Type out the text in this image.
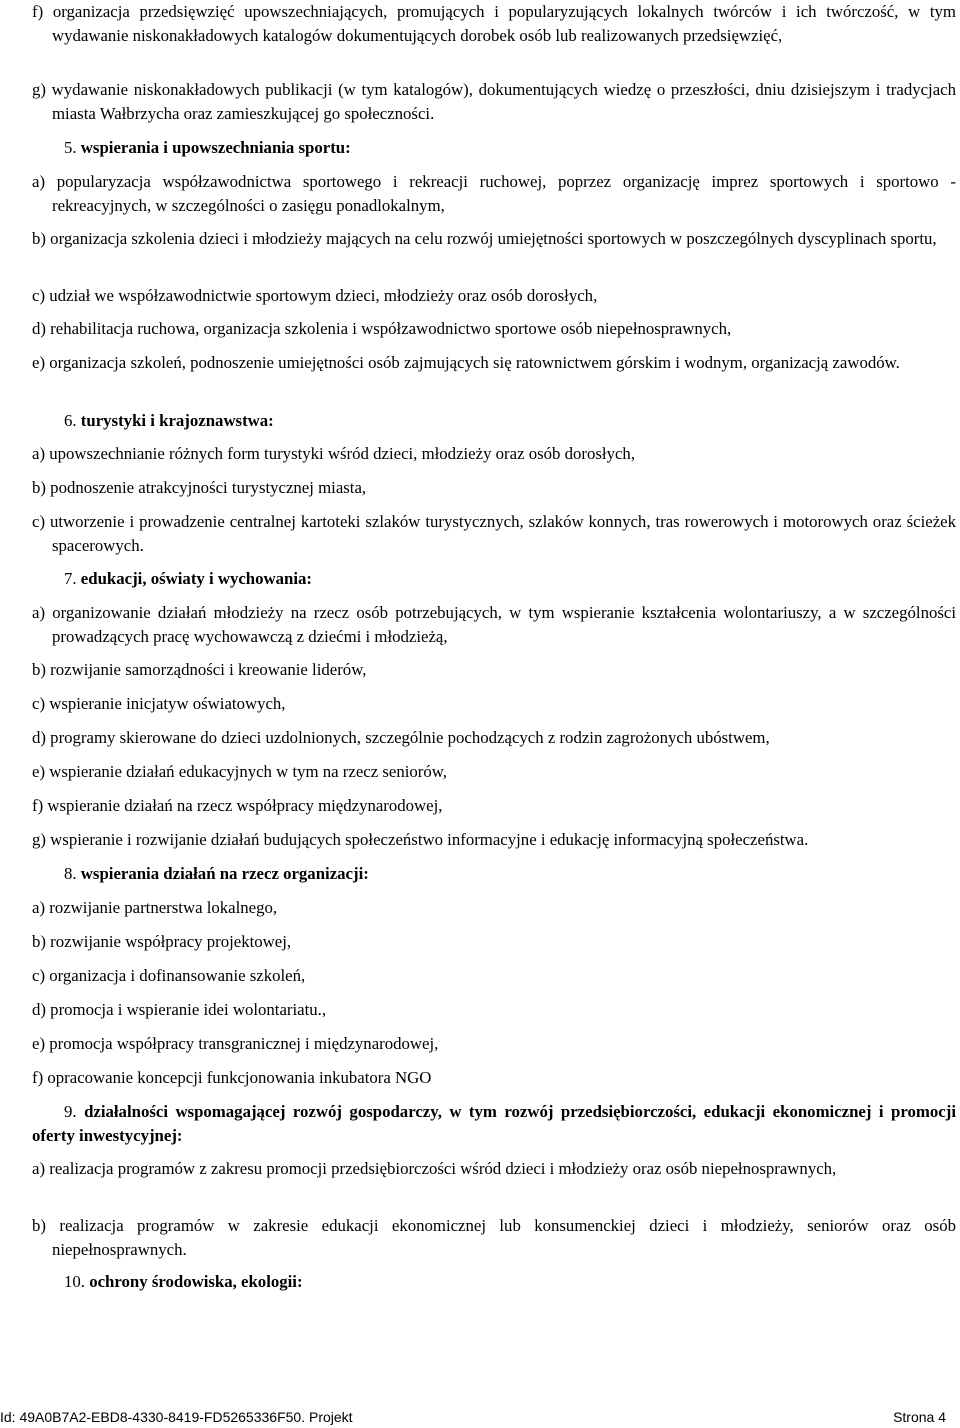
f) organizacja przedsięwzięć upowszechniających, promujących i popularyzujących lokalnych twórców i ich twórczość, w tym wydawanie niskonakładowych katalogów dokumentujących dorobek osób lub realizowanych przedsięwzięć,

g) wydawanie niskonakładowych publikacji (w tym katalogów), dokumentujących wiedzę o przeszłości, dniu dzisiejszym i tradycjach miasta Wałbrzycha oraz zamieszkującej go społeczności.

5. wspierania i upowszechniania sportu:

a) popularyzacja współzawodnictwa sportowego i rekreacji ruchowej, poprzez organizację imprez sportowych i sportowo - rekreacyjnych, w szczególności o zasięgu ponadlokalnym,

b) organizacja szkolenia dzieci i młodzieży mających na celu rozwój umiejętności sportowych w poszczególnych dyscyplinach sportu,

c) udział we współzawodnictwie sportowym dzieci, młodzieży oraz osób dorosłych,

d) rehabilitacja ruchowa, organizacja szkolenia i współzawodnictwo sportowe osób niepełnosprawnych,

e) organizacja szkoleń, podnoszenie umiejętności osób zajmujących się ratownictwem górskim i wodnym, organizacją zawodów.

6. turystyki i krajoznawstwa:

a) upowszechnianie różnych form turystyki wśród dzieci, młodzieży oraz osób dorosłych,

b) podnoszenie atrakcyjności turystycznej miasta,

c) utworzenie i prowadzenie centralnej kartoteki szlaków turystycznych, szlaków konnych, tras rowerowych i motorowych oraz ścieżek spacerowych.

7. edukacji, oświaty i wychowania:

a) organizowanie działań młodzieży na rzecz osób potrzebujących, w tym wspieranie kształcenia wolontariuszy, a w szczególności prowadzących pracę wychowawczą z dziećmi i młodzieżą,

b) rozwijanie samorządności i kreowanie liderów,

c) wspieranie inicjatyw oświatowych,

d) programy skierowane do dzieci uzdolnionych, szczególnie pochodzących z rodzin zagrożonych ubóstwem,

e) wspieranie działań edukacyjnych w tym na rzecz seniorów,

f) wspieranie działań na rzecz współpracy międzynarodowej,

g) wspieranie i rozwijanie działań budujących społeczeństwo informacyjne i edukację informacyjną społeczeństwa.

8. wspierania działań na rzecz organizacji:

a) rozwijanie partnerstwa lokalnego,

b) rozwijanie współpracy projektowej,

c) organizacja i dofinansowanie szkoleń,

d) promocja i wspieranie idei wolontariatu.,

e) promocja współpracy transgranicznej i międzynarodowej,

f) opracowanie koncepcji funkcjonowania inkubatora NGO

9. działalności wspomagającej rozwój gospodarczy, w tym rozwój przedsiębiorczości, edukacji ekonomicznej i promocji oferty inwestycyjnej:

a) realizacja programów z zakresu promocji przedsiębiorczości wśród dzieci i młodzieży oraz osób niepełnosprawnych,

b) realizacja programów w zakresie edukacji ekonomicznej lub konsumenckiej dzieci i młodzieży, seniorów oraz osób niepełnosprawnych.

10. ochrony środowiska, ekologii:

Id: 49A0B7A2-EBD8-4330-8419-FD5265336F50. Projekt	Strona 4
